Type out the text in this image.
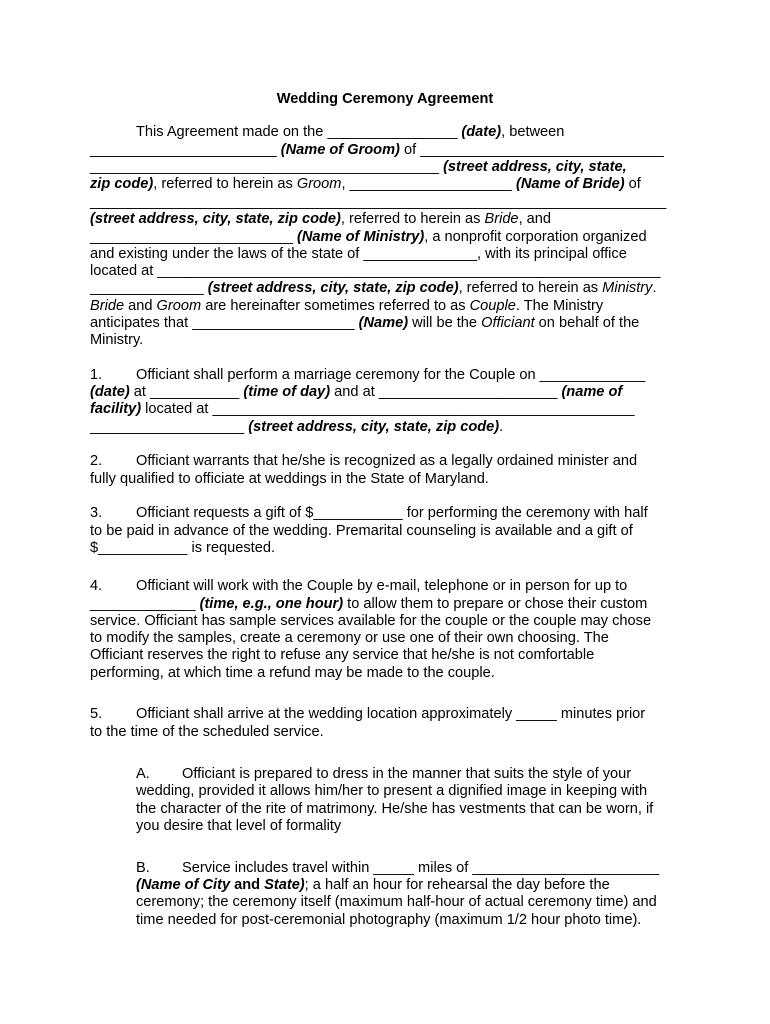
Wedding Ceremony Agreement
This Agreement made on the ________________ (date), between
_______________________ (Name of Groom) of ______________________________
___________________________________________ (street address, city, state,
zip code), referred to herein as Groom, ____________________ (Name of Bride) of
_______________________________________________________________________
(street address, city, state, zip code), referred to herein as Bride, and
_________________________ (Name of Ministry), a nonprofit corporation organized
and existing under the laws of the state of ______________, with its principal office
located at ______________________________________________________________
______________ (street address, city, state, zip code), referred to herein as Ministry.
Bride and Groom are hereinafter sometimes referred to as Couple. The Ministry
anticipates that ____________________ (Name) will be the Officiant on behalf of the
Ministry.
1. Officiant shall perform a marriage ceremony for the Couple on _____________
(date) at ___________ (time of day) and at ______________________ (name of
facility) located at ____________________________________________________
___________________ (street address, city, state, zip code).
2. Officiant warrants that he/she is recognized as a legally ordained minister and
fully qualified to officiate at weddings in the State of Maryland.
3. Officiant requests a gift of $___________ for performing the ceremony with half
to be paid in advance of the wedding. Premarital counseling is available and a gift of
$___________ is requested.
4. Officiant will work with the Couple by e-mail, telephone or in person for up to
_____________ (time, e.g., one hour) to allow them to prepare or chose their custom
service. Officiant has sample services available for the couple or the couple may chose
to modify the samples, create a ceremony or use one of their own choosing. The
Officiant reserves the right to refuse any service that he/she is not comfortable
performing, at which time a refund may be made to the couple.
5. Officiant shall arrive at the wedding location approximately _____ minutes prior
to the time of the scheduled service.
A. Officiant is prepared to dress in the manner that suits the style of your
wedding, provided it allows him/her to present a dignified image in keeping with
the character of the rite of matrimony. He/she has vestments that can be worn, if
you desire that level of formality
B. Service includes travel within _____ miles of _______________________
(Name of City and State); a half an hour for rehearsal the day before the
ceremony; the ceremony itself (maximum half-hour of actual ceremony time) and
time needed for post-ceremonial photography (maximum 1/2 hour photo time).
